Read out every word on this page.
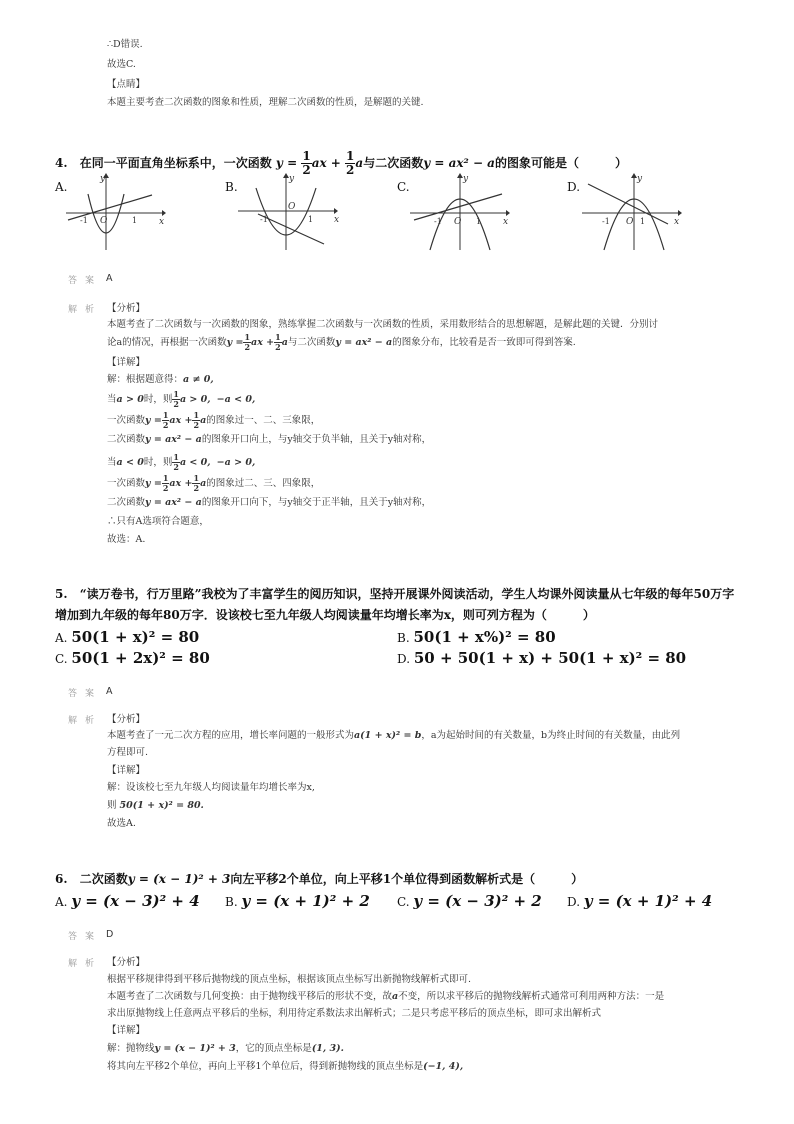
∴D错误.
故选C.
【点睛】
本题主要考查二次函数的图象和性质，理解二次函数的性质，是解题的关键.
4. 在同一平面直角坐标系中，一次函数 $y = \frac{1}{2}$ ax + $\frac{1}{2}$ a与二次函数y = ax² − a的图象可能是（　　　）
A.	B.	C.	D.
x
y
O
-1	1	x
y
O
-1	1	x
y
O
-1	1	x
y
O
-1	1
答案 A
解析 【分析】
本题考查了二次函数与一次函数的图象，熟练掌握二次函数与一次函数的性质，采用数形结合的思想解题，是解此题的关键．分别讨
论a的情况，再根据一次函数$y = \frac{1}{2}$ ax + $\frac{1}{2}$ a与二次函数y = ax² − a的图象分布，比较看是否一致即可得到答案.
【详解】
解：根据题意得：a ≠ 0,
当a > 0时，则 $\frac{1}{2}$ a > 0, −a < 0,
一次函数$y = \frac{1}{2}$ ax + $\frac{1}{2}$ a的图象过一、二、三象限，
二次函数y = ax² − a的图象开口向上，与y轴交于负半轴，且关于y轴对称，
当a < 0时，则 $\frac{1}{2}$ a < 0, −a > 0,
一次函数$y = \frac{1}{2}$ ax + $\frac{1}{2}$ a的图象过二、三、四象限，
二次函数y = ax² − a的图象开口向下，与y轴交于正半轴，且关于y轴对称，
∴只有A选项符合题意，
故选：A.
5. “读万卷书，行万里路”我校为了丰富学生的阅历知识，坚持开展课外阅读活动，学生人均课外阅读量从七年级的每年50万字
增加到九年级的每年80万字．设该校七至九年级人均阅读量年均增长率为x，则可列方程为（　　　）
A. 50(1 + x)² = 80	B. 50(1 + x%)² = 80
C. 50(1 + 2x)² = 80	D. 50 + 50(1 + x) + 50(1 + x)² = 80
答案 A
解析 【分析】
本题考查了一元二次方程的应用，增长率问题的一般形式为a(1 + x)² = b，a为起始时间的有关数量，b为终止时间的有关数量，由此列
方程即可.
【详解】
解：设该校七至九年级人均阅读量年均增长率为x,
则 50(1 + x)² = 80.
故选A.
6. 二次函数y = (x − 1)² + 3向左平移2个单位，向上平移1个单位得到函数解析式是（　　　）
A. y = (x − 3)² + 4 B. y = (x + 1)² + 2 C. y = (x − 3)² + 2 D. y = (x + 1)² + 4
答案 D
解析 【分析】
根据平移规律得到平移后抛物线的顶点坐标，根据该顶点坐标写出新抛物线解析式即可.
本题考查了二次函数与几何变换：由于抛物线平移后的形状不变，故a不变，所以求平移后的抛物线解析式通常可利用两种方法：一是
求出原抛物线上任意两点平移后的坐标，利用待定系数法求出解析式；二是只考虑平移后的顶点坐标，即可求出解析式
【详解】
解：抛物线y = (x − 1)² + 3，它的顶点坐标是(1, 3).
将其向左平移2个单位，再向上平移1个单位后，得到新抛物线的顶点坐标是(−1, 4),
